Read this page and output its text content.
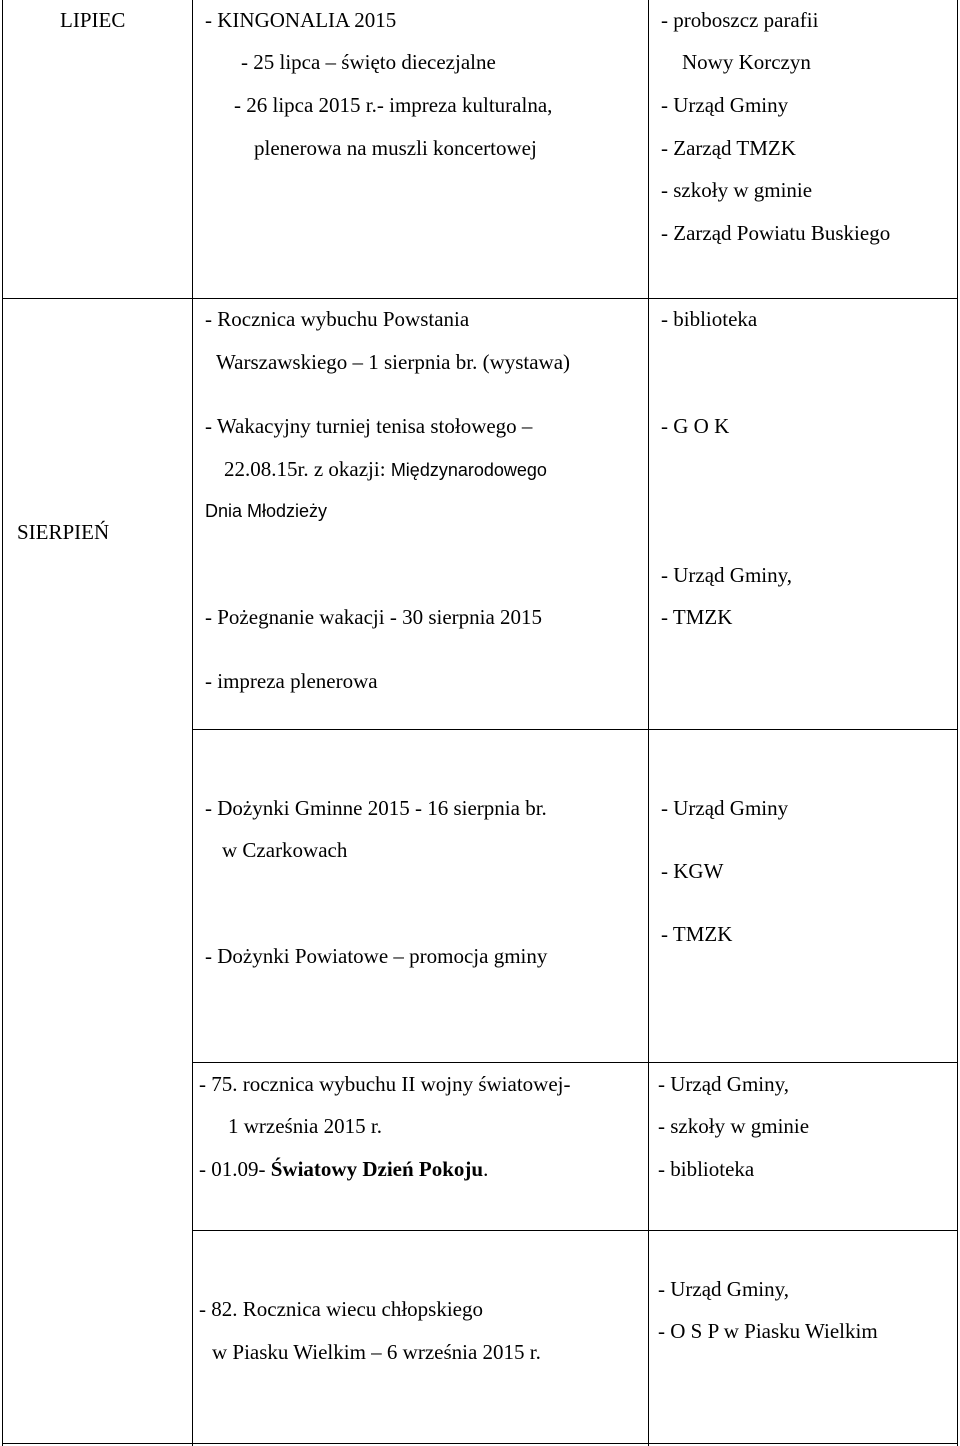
LIPIEC	- KINGONALIA 2015
- 25 lipca – święto diecezjalne
- 26 lipca 2015 r.- impreza kulturalna,
plenerowa na muszli koncertowej
- proboszcz parafii
Nowy Korczyn
- Urząd Gminy
- Zarząd TMZK
- szkoły w gminie
- Zarząd Powiatu Buskiego
SIERPIEŃ
- Rocznica wybuchu Powstania
Warszawskiego – 1 sierpnia br. (wystawa)
- Wakacyjny turniej tenisa stołowego –
22.08.15r. z okazji: Międzynarodowego
Dnia Młodzieży
- Pożegnanie wakacji - 30 sierpnia 2015
- impreza plenerowa
- biblioteka
- G O K
- Urząd Gminy,
- TMZK
- Dożynki Gminne 2015 - 16 sierpnia br.
w Czarkowach
- Dożynki Powiatowe – promocja gminy
- Urząd Gminy
- KGW
- TMZK
- 75. rocznica wybuchu II wojny światowej-
1 września 2015 r.
- 01.09- Światowy Dzień Pokoju.
- Urząd Gminy,
- szkoły w gminie
- biblioteka
- 82. Rocznica wiecu chłopskiego
w Piasku Wielkim – 6 września 2015 r.
- Urząd Gminy,
- O S P w Piasku Wielkim
